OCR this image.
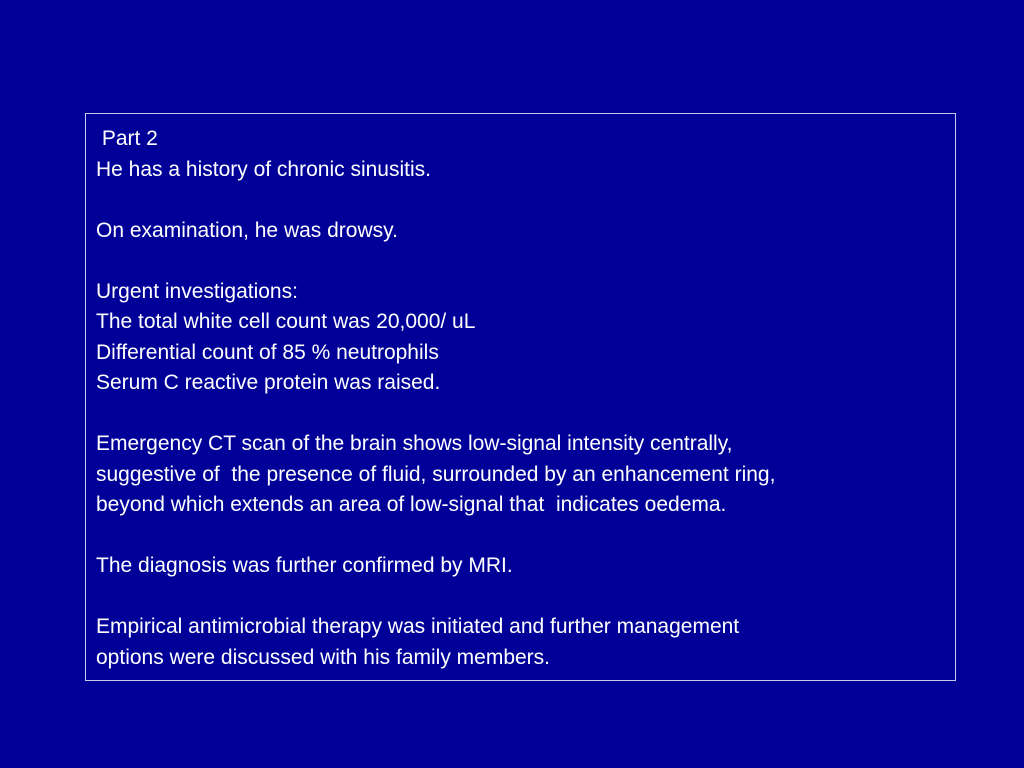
Part 2
He has a history of chronic sinusitis.
On examination, he was drowsy.
Urgent investigations:
The total white cell count was 20,000/ uL
Differential count of 85 % neutrophils
Serum C reactive protein was raised.
Emergency CT scan of the brain shows low-signal intensity centrally,
suggestive of  the presence of fluid, surrounded by an enhancement ring,
beyond which extends an area of low-signal that  indicates oedema.
The diagnosis was further confirmed by MRI.
Empirical antimicrobial therapy was initiated and further management
options were discussed with his family members.
